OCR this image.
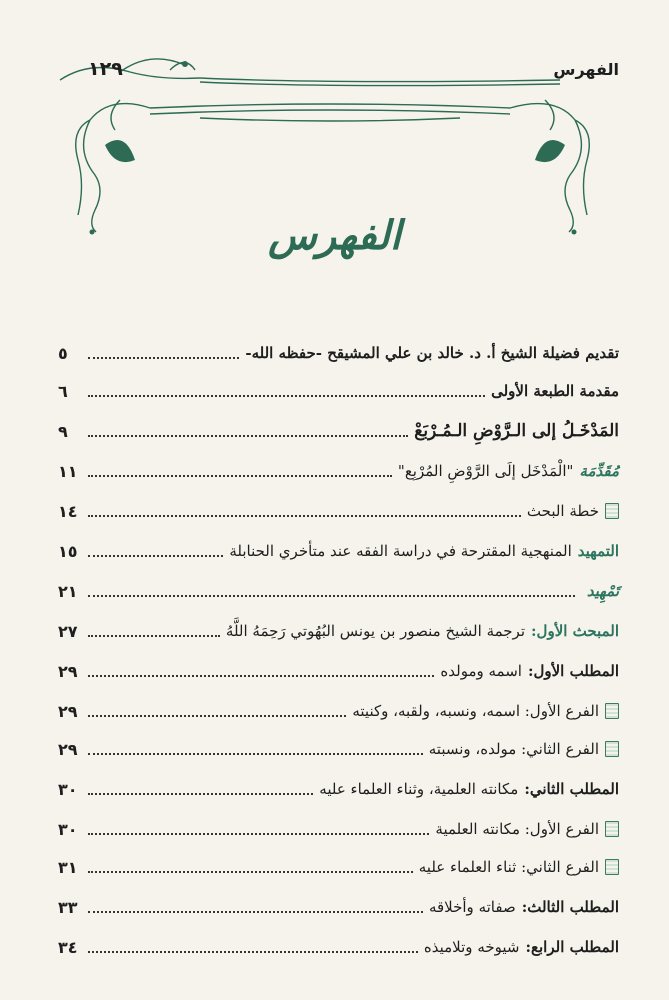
١٢٩	الفهرس
الفهرس
تقديم فضيلة الشيخ أ. د. خالد بن علي المشيقح -حفظه الله-
٥
مقدمة الطبعة الأولى
٦
المَدْخَـلُ إلى الـرَّوْضِ الـمُـرْبَعْ
٩
مُقَدِّمَة
"الْمَدْخَل إلَى الرَّوْضِ المُرْبِع"
١١
خطة البحث
١٤
التمهيد
المنهجية المقترحة في دراسة الفقه عند متأخري الحنابلة
١٥
تَمْهِيد
٢١
المبحث الأول:
ترجمة الشيخ منصور بن يونس البُهُوتي رَحِمَهُ اللَّهُ
٢٧
المطلب الأول:
اسمه ومولده
٢٩
الفرع الأول: اسمه، ونسبه، ولقبه، وكنيته
٢٩
الفرع الثاني: مولده، ونسبته
٢٩
المطلب الثاني:
مكانته العلمية، وثناء العلماء عليه
٣٠
الفرع الأول: مكانته العلمية
٣٠
الفرع الثاني: ثناء العلماء عليه
٣١
المطلب الثالث:
صفاته وأخلاقه
٣٣
المطلب الرابع:
شيوخه وتلاميذه
٣٤
